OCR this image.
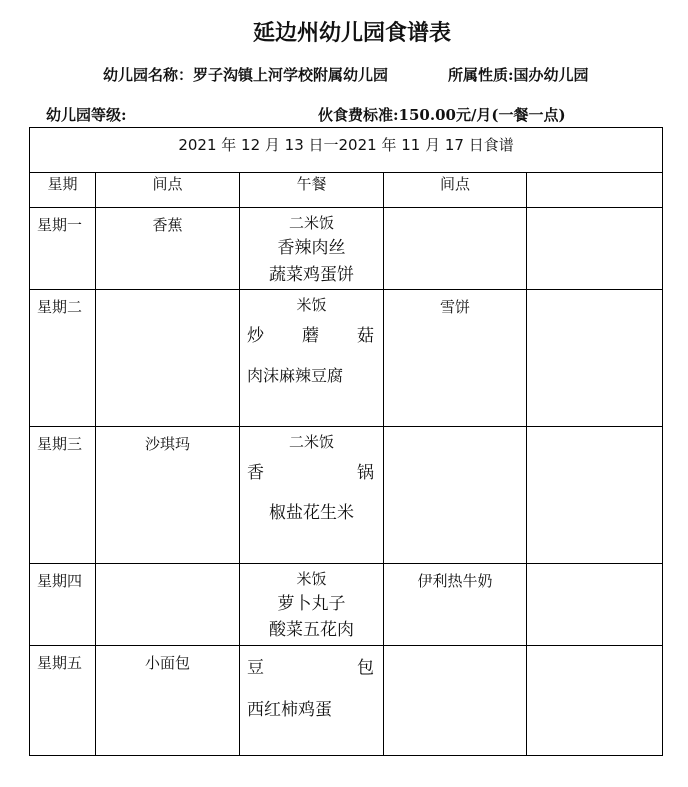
延边州幼儿园食谱表
幼儿园名称：罗子沟镇上河学校附属幼儿园	所属性质:国办幼儿园
幼儿园等级:	伙食费标准:150.00元/月(一餐一点)
2021 年 12 月 13 日一2021 年 11 月 17 日食谱				

星期	间点	午餐	间点	
星期一	香蕉	二米饭
香辣肉丝
蔬菜鸡蛋饼		

星期二		米饭
炒 蘑 菇
肉沫麻辣豆腐	雪饼	
星期三	沙琪玛	二米饭
香 锅
椒盐花生米		

星期四		米饭
萝卜丸子
酸菜五花肉	伊利热牛奶	
星期五	小面包	豆 包
西红柿鸡蛋		
